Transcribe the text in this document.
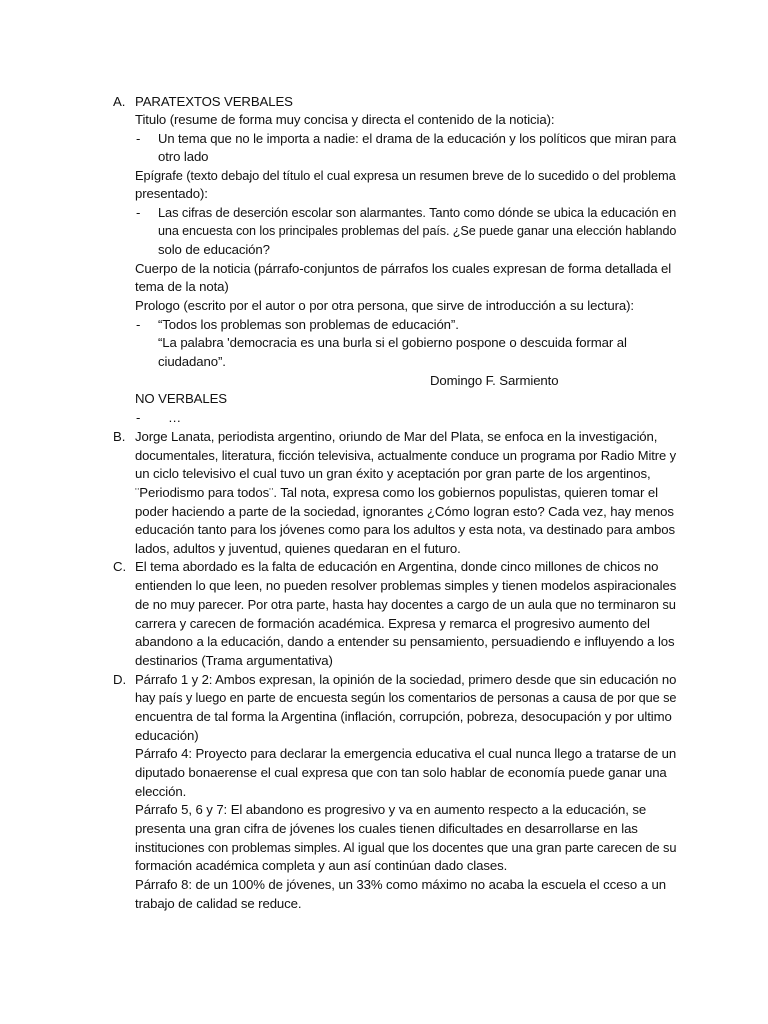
A. PARATEXTOS VERBALES
Titulo (resume de forma muy concisa y directa el contenido de la noticia):
- Un tema que no le importa a nadie: el drama de la educación y los políticos que miran para
otro lado
Epígrafe (texto debajo del título el cual expresa un resumen breve de lo sucedido o del problema
presentado):
- Las cifras de deserción escolar son alarmantes. Tanto como dónde se ubica la educación en
una encuesta con los principales problemas del país. ¿Se puede ganar una elección hablando
solo de educación?
Cuerpo de la noticia (párrafo-conjuntos de párrafos los cuales expresan de forma detallada el
tema de la nota)
Prologo (escrito por el autor o por otra persona, que sirve de introducción a su lectura):
- “Todos los problemas son problemas de educación”.
“La palabra 'democracia es una burla si el gobierno pospone o descuida formar al
ciudadano”.
Domingo F. Sarmiento
NO VERBALES
- …
B. Jorge Lanata, periodista argentino, oriundo de Mar del Plata, se enfoca en la investigación,
documentales, literatura, ficción televisiva, actualmente conduce un programa por Radio Mitre y
un ciclo televisivo el cual tuvo un gran éxito y aceptación por gran parte de los argentinos,
¨Periodismo para todos¨. Tal nota, expresa como los gobiernos populistas, quieren tomar el
poder haciendo a parte de la sociedad, ignorantes ¿Cómo logran esto? Cada vez, hay menos
educación tanto para los jóvenes como para los adultos y esta nota, va destinado para ambos
lados, adultos y juventud, quienes quedaran en el futuro.
C. El tema abordado es la falta de educación en Argentina, donde cinco millones de chicos no
entienden lo que leen, no pueden resolver problemas simples y tienen modelos aspiracionales
de no muy parecer. Por otra parte, hasta hay docentes a cargo de un aula que no terminaron su
carrera y carecen de formación académica. Expresa y remarca el progresivo aumento del
abandono a la educación, dando a entender su pensamiento, persuadiendo e influyendo a los
destinarios (Trama argumentativa)
D. Párrafo 1 y 2: Ambos expresan, la opinión de la sociedad, primero desde que sin educación no
hay país y luego en parte de encuesta según los comentarios de personas a causa de por que se
encuentra de tal forma la Argentina (inflación, corrupción, pobreza, desocupación y por ultimo
educación)
Párrafo 4: Proyecto para declarar la emergencia educativa el cual nunca llego a tratarse de un
diputado bonaerense el cual expresa que con tan solo hablar de economía puede ganar una
elección.
Párrafo 5, 6 y 7: El abandono es progresivo y va en aumento respecto a la educación, se
presenta una gran cifra de jóvenes los cuales tienen dificultades en desarrollarse en las
instituciones con problemas simples. Al igual que los docentes que una gran parte carecen de su
formación académica completa y aun así continúan dado clases.
Párrafo 8: de un 100% de jóvenes, un 33% como máximo no acaba la escuela el cceso a un
trabajo de calidad se reduce.
